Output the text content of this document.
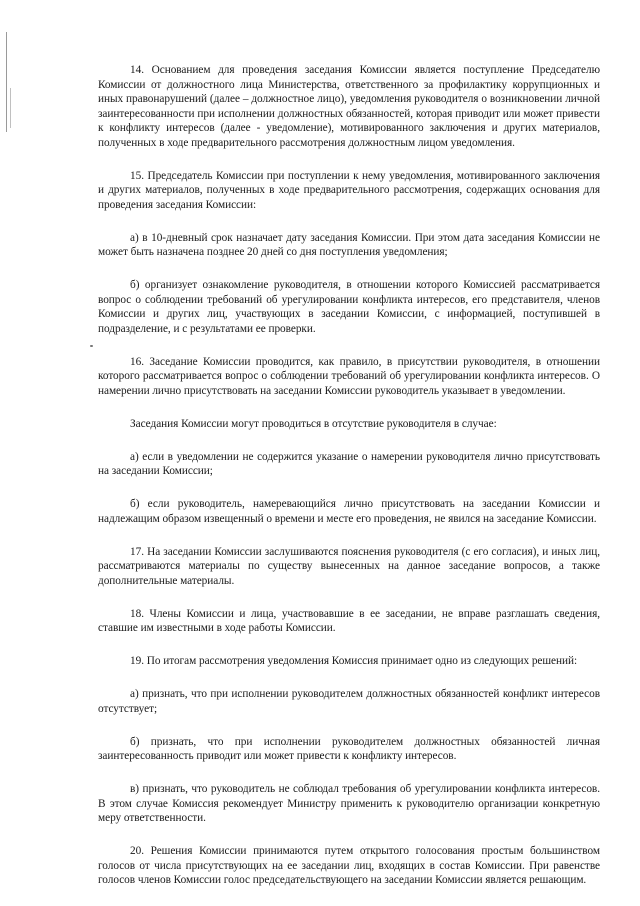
14. Основанием для проведения заседания Комиссии является поступление Председателю Комиссии от должностного лица Министерства, ответственного за профилактику коррупционных и иных правонарушений (далее – должностное лицо), уведомления руководителя о возникновении личной заинтересованности при исполнении должностных обязанностей, которая приводит или может привести к конфликту интересов (далее - уведомление), мотивированного заключения и других материалов, полученных в ходе предварительного рассмотрения должностным лицом уведомления.

15. Председатель Комиссии при поступлении к нему уведомления, мотивированного заключения и других материалов, полученных в ходе предварительного рассмотрения, содержащих основания для проведения заседания Комиссии:

а) в 10-дневный срок назначает дату заседания Комиссии. При этом дата заседания Комиссии не может быть назначена позднее 20 дней со дня поступления уведомления;

б) организует ознакомление руководителя, в отношении которого Комиссией рассматривается вопрос о соблюдении требований об урегулировании конфликта интересов, его представителя, членов Комиссии и других лиц, участвующих в заседании Комиссии, с информацией, поступившей в подразделение, и с результатами ее проверки.

16. Заседание Комиссии проводится, как правило, в присутствии руководителя, в отношении которого рассматривается вопрос о соблюдении требований об урегулировании конфликта интересов. О намерении лично присутствовать на заседании Комиссии руководитель указывает в уведомлении.

Заседания Комиссии могут проводиться в отсутствие руководителя в случае:

а) если в уведомлении не содержится указание о намерении руководителя лично присутствовать на заседании Комиссии;

б) если руководитель, намеревающийся лично присутствовать на заседании Комиссии и надлежащим образом извещенный о времени и месте его проведения, не явился на заседание Комиссии.

17. На заседании Комиссии заслушиваются пояснения руководителя (с его согласия), и иных лиц, рассматриваются материалы по существу вынесенных на данное заседание вопросов, а также дополнительные материалы.

18. Члены Комиссии и лица, участвовавшие в ее заседании, не вправе разглашать сведения, ставшие им известными в ходе работы Комиссии.

19. По итогам рассмотрения уведомления Комиссия принимает одно из следующих решений:

а) признать, что при исполнении руководителем должностных обязанностей конфликт интересов отсутствует;

б) признать, что при исполнении руководителем должностных обязанностей личная заинтересованность приводит или может привести к конфликту интересов.

в) признать, что руководитель не соблюдал требования об урегулировании конфликта интересов. В этом случае Комиссия рекомендует Министру применить к руководителю организации конкретную меру ответственности.

20. Решения Комиссии принимаются путем открытого голосования простым большинством голосов от числа присутствующих на ее заседании лиц, входящих в состав Комиссии. При равенстве голосов членов Комиссии голос председательствующего на заседании Комиссии является решающим.
